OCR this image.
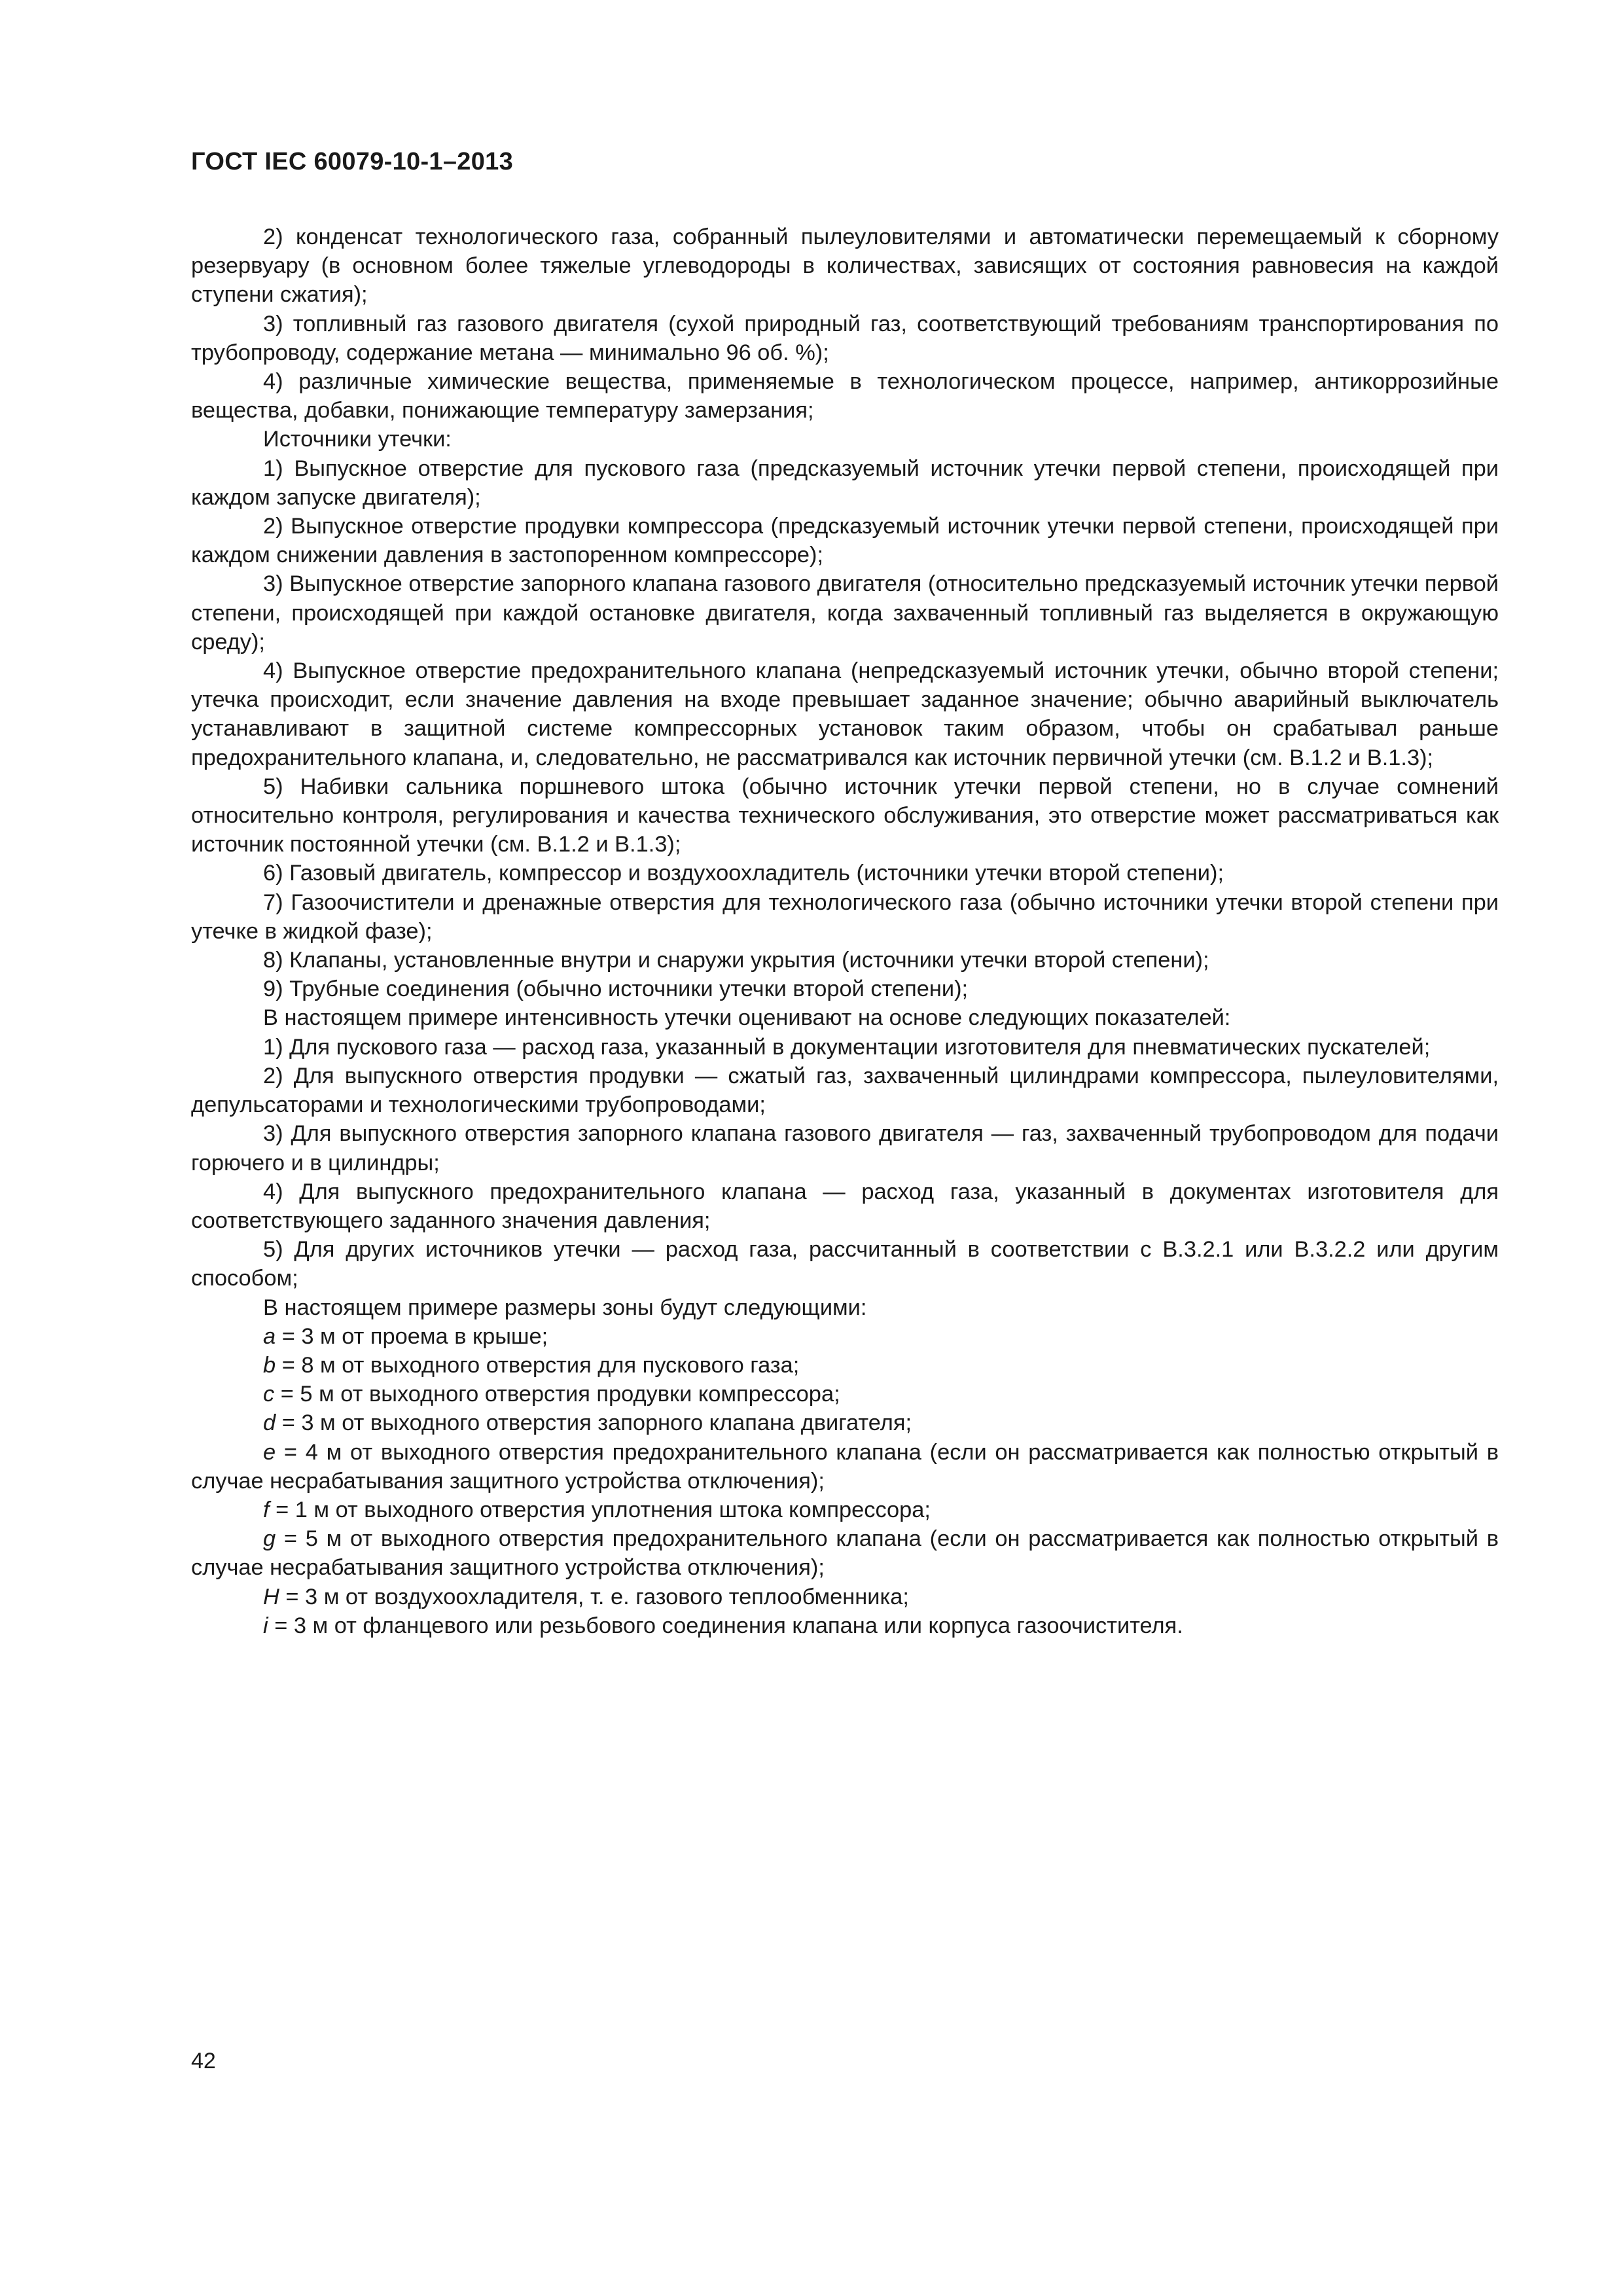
ГОСТ IEC 60079-10-1–2013

2) конденсат технологического газа, собранный пылеуловителями и автоматически перемещаемый к сборному резервуару (в основном более тяжелые углеводороды в количествах, зависящих от состояния равновесия на каждой ступени сжатия);

3) топливный газ газового двигателя (сухой природный газ, соответствующий требованиям транспортирования по трубопроводу, содержание метана — минимально 96 об. %);

4) различные химические вещества, применяемые в технологическом процессе, например, антикоррозийные вещества, добавки, понижающие температуру замерзания;

Источники утечки:

1) Выпускное отверстие для пускового газа (предсказуемый источник утечки первой степени, происходящей при каждом запуске двигателя);

2) Выпускное отверстие продувки компрессора (предсказуемый источник утечки первой степени, происходящей при каждом снижении давления в застопоренном компрессоре);

3) Выпускное отверстие запорного клапана газового двигателя (относительно предсказуемый источник утечки первой степени, происходящей при каждой остановке двигателя, когда захваченный топливный газ выделяется в окружающую среду);

4) Выпускное отверстие предохранительного клапана (непредсказуемый источник утечки, обычно второй степени; утечка происходит, если значение давления на входе превышает заданное значение; обычно аварийный выключатель устанавливают в защитной системе компрессорных установок таким образом, чтобы он срабатывал раньше предохранительного клапана, и, следовательно, не рассматривался как источник первичной утечки (см. В.1.2 и В.1.3);

5) Набивки сальника поршневого штока (обычно источник утечки первой степени, но в случае сомнений относительно контроля, регулирования и качества технического обслуживания, это отверстие может рассматриваться как источник постоянной утечки (см. В.1.2 и В.1.3);

6) Газовый двигатель, компрессор и воздухоохладитель (источники утечки второй степени);

7) Газоочистители и дренажные отверстия для технологического газа (обычно источники утечки второй степени при утечке в жидкой фазе);

8) Клапаны, установленные внутри и снаружи укрытия (источники утечки второй степени);

9) Трубные соединения (обычно источники утечки второй степени);

В настоящем примере интенсивность утечки оценивают на основе следующих показателей:

1) Для пускового газа — расход газа, указанный в документации изготовителя для пневматических пускателей;

2) Для выпускного отверстия продувки — сжатый газ, захваченный цилиндрами компрессора, пылеуловителями, депульсаторами и технологическими трубопроводами;

3) Для выпускного отверстия запорного клапана газового двигателя — газ, захваченный трубопроводом для подачи горючего и в цилиндры;

4) Для выпускного предохранительного клапана — расход газа, указанный в документах изготовителя для соответствующего заданного значения давления;

5) Для других источников утечки — расход газа, рассчитанный в соответствии с В.3.2.1 или В.3.2.2 или другим способом;

В настоящем примере размеры зоны будут следующими:

a = 3 м от проема в крыше;

b = 8 м от выходного отверстия для пускового газа;

c = 5 м от выходного отверстия продувки компрессора;

d = 3 м от выходного отверстия запорного клапана двигателя;

e = 4 м от выходного отверстия предохранительного клапана (если он рассматривается как полностью открытый в случае несрабатывания защитного устройства отключения);

f = 1 м от выходного отверстия уплотнения штока компрессора;

g = 5 м от выходного отверстия предохранительного клапана (если он рассматривается как полностью открытый в случае несрабатывания защитного устройства отключения);

H = 3 м от воздухоохладителя, т. е. газового теплообменника;

i = 3 м от фланцевого или резьбового соединения клапана или корпуса газоочистителя.

42
